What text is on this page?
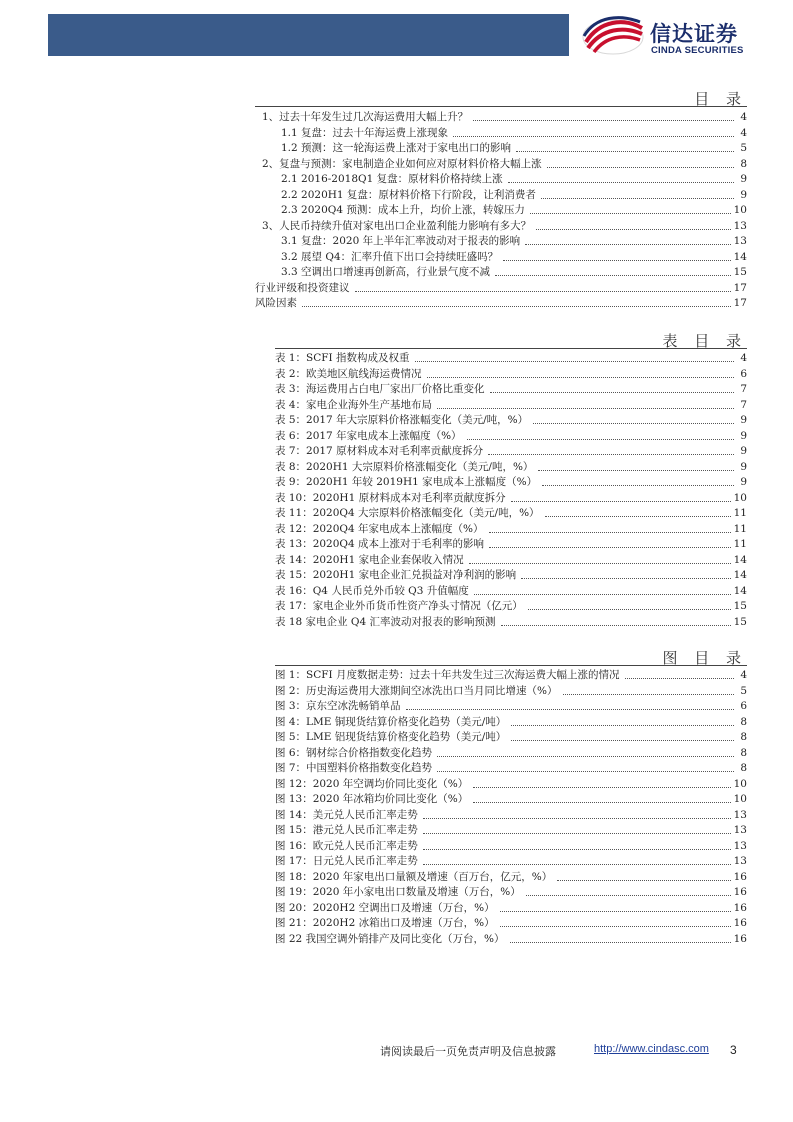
信达证券
CINDA SECURITIES
目 录
1、过去十年发生过几次海运费用大幅上升？	4
1.1 复盘：过去十年海运费上涨现象	4
1.2 预测：这一轮海运费上涨对于家电出口的影响	5
2、复盘与预测：家电制造企业如何应对原材料价格大幅上涨	8
2.1 2016-2018Q1 复盘：原材料价格持续上涨	9
2.2 2020H1 复盘：原材料价格下行阶段，让利消费者	9
2.3 2020Q4 预测：成本上升，均价上涨，转嫁压力	10
3、人民币持续升值对家电出口企业盈利能力影响有多大？	13
3.1 复盘：2020 年上半年汇率波动对于报表的影响	13
3.2 展望 Q4：汇率升值下出口会持续旺盛吗？	14
3.3 空调出口增速再创新高，行业景气度不减	15
行业评级和投资建议	17
风险因素	17
表 目 录
表 1：SCFI 指数构成及权重	4
表 2：欧美地区航线海运费情况	6
表 3：海运费用占白电厂家出厂价格比重变化	7
表 4：家电企业海外生产基地布局	7
表 5：2017 年大宗原料价格涨幅变化（美元/吨，%）	9
表 6：2017 年家电成本上涨幅度（%）	9
表 7：2017 原材料成本对毛利率贡献度拆分	9
表 8：2020H1 大宗原料价格涨幅变化（美元/吨，%）	9
表 9：2020H1 年较 2019H1 家电成本上涨幅度（%）	9
表 10：2020H1 原材料成本对毛利率贡献度拆分	10
表 11：2020Q4 大宗原料价格涨幅变化（美元/吨，%）	11
表 12：2020Q4 年家电成本上涨幅度（%）	11
表 13：2020Q4 成本上涨对于毛利率的影响	11
表 14：2020H1 家电企业套保收入情况	14
表 15：2020H1 家电企业汇兑损益对净利润的影响	14
表 16：Q4 人民币兑外币较 Q3 升值幅度	14
表 17：家电企业外币货币性资产净头寸情况（亿元）	15
表 18 家电企业 Q4 汇率波动对报表的影响预测	15
图 目 录
图 1：SCFI 月度数据走势：过去十年共发生过三次海运费大幅上涨的情况	4
图 2：历史海运费用大涨期间空冰洗出口当月同比增速（%）	5
图 3：京东空冰洗畅销单品	6
图 4：LME 铜现货结算价格变化趋势（美元/吨）	8
图 5：LME 铝现货结算价格变化趋势（美元/吨）	8
图 6：钢材综合价格指数变化趋势	8
图 7：中国塑料价格指数变化趋势	8
图 12：2020 年空调均价同比变化（%）	10
图 13：2020 年冰箱均价同比变化（%）	10
图 14：美元兑人民币汇率走势	13
图 15：港元兑人民币汇率走势	13
图 16：欧元兑人民币汇率走势	13
图 17：日元兑人民币汇率走势	13
图 18：2020 年家电出口量额及增速（百万台，亿元，%）	16
图 19：2020 年小家电出口数量及增速（万台，%）	16
图 20：2020H2 空调出口及增速（万台，%）	16
图 21：2020H2 冰箱出口及增速（万台，%）	16
图 22 我国空调外销排产及同比变化（万台，%）	16
请阅读最后一页免责声明及信息披露	http://www.cindasc.com 3
